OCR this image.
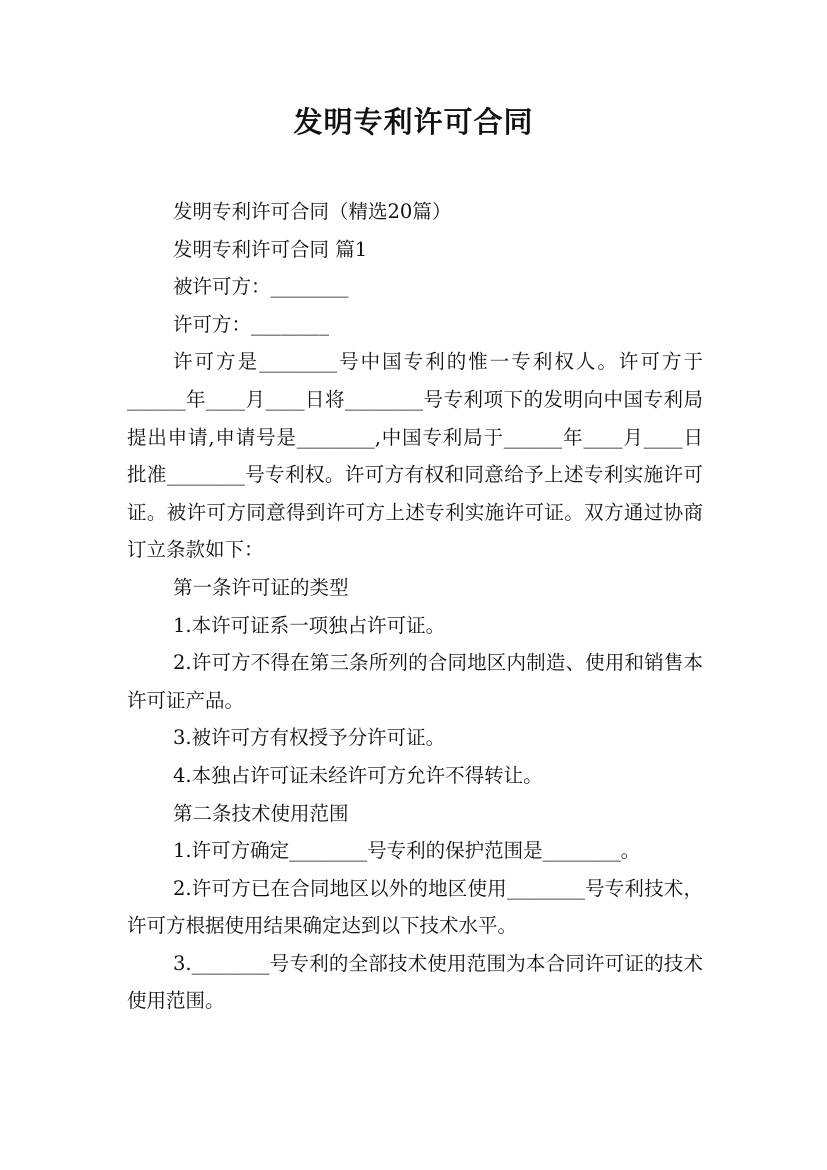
发明专利许可合同

发明专利许可合同（精选20篇）

发明专利许可合同 篇1

被许可方：________

许可方：________

许可方是________号中国专利的惟一专利权人。许可方于______年____月____日将________号专利项下的发明向中国专利局提出申请,申请号是________,中国专利局于______年____月____日批准________号专利权。许可方有权和同意给予上述专利实施许可证。被许可方同意得到许可方上述专利实施许可证。双方通过协商订立条款如下：

第一条许可证的类型

1.本许可证系一项独占许可证。

2.许可方不得在第三条所列的合同地区内制造、使用和销售本许可证产品。

3.被许可方有权授予分许可证。

4.本独占许可证未经许可方允许不得转让。

第二条技术使用范围

1.许可方确定________号专利的保护范围是________。

2.许可方已在合同地区以外的地区使用________号专利技术，许可方根据使用结果确定达到以下技术水平。

3.________号专利的全部技术使用范围为本合同许可证的技术使用范围。
